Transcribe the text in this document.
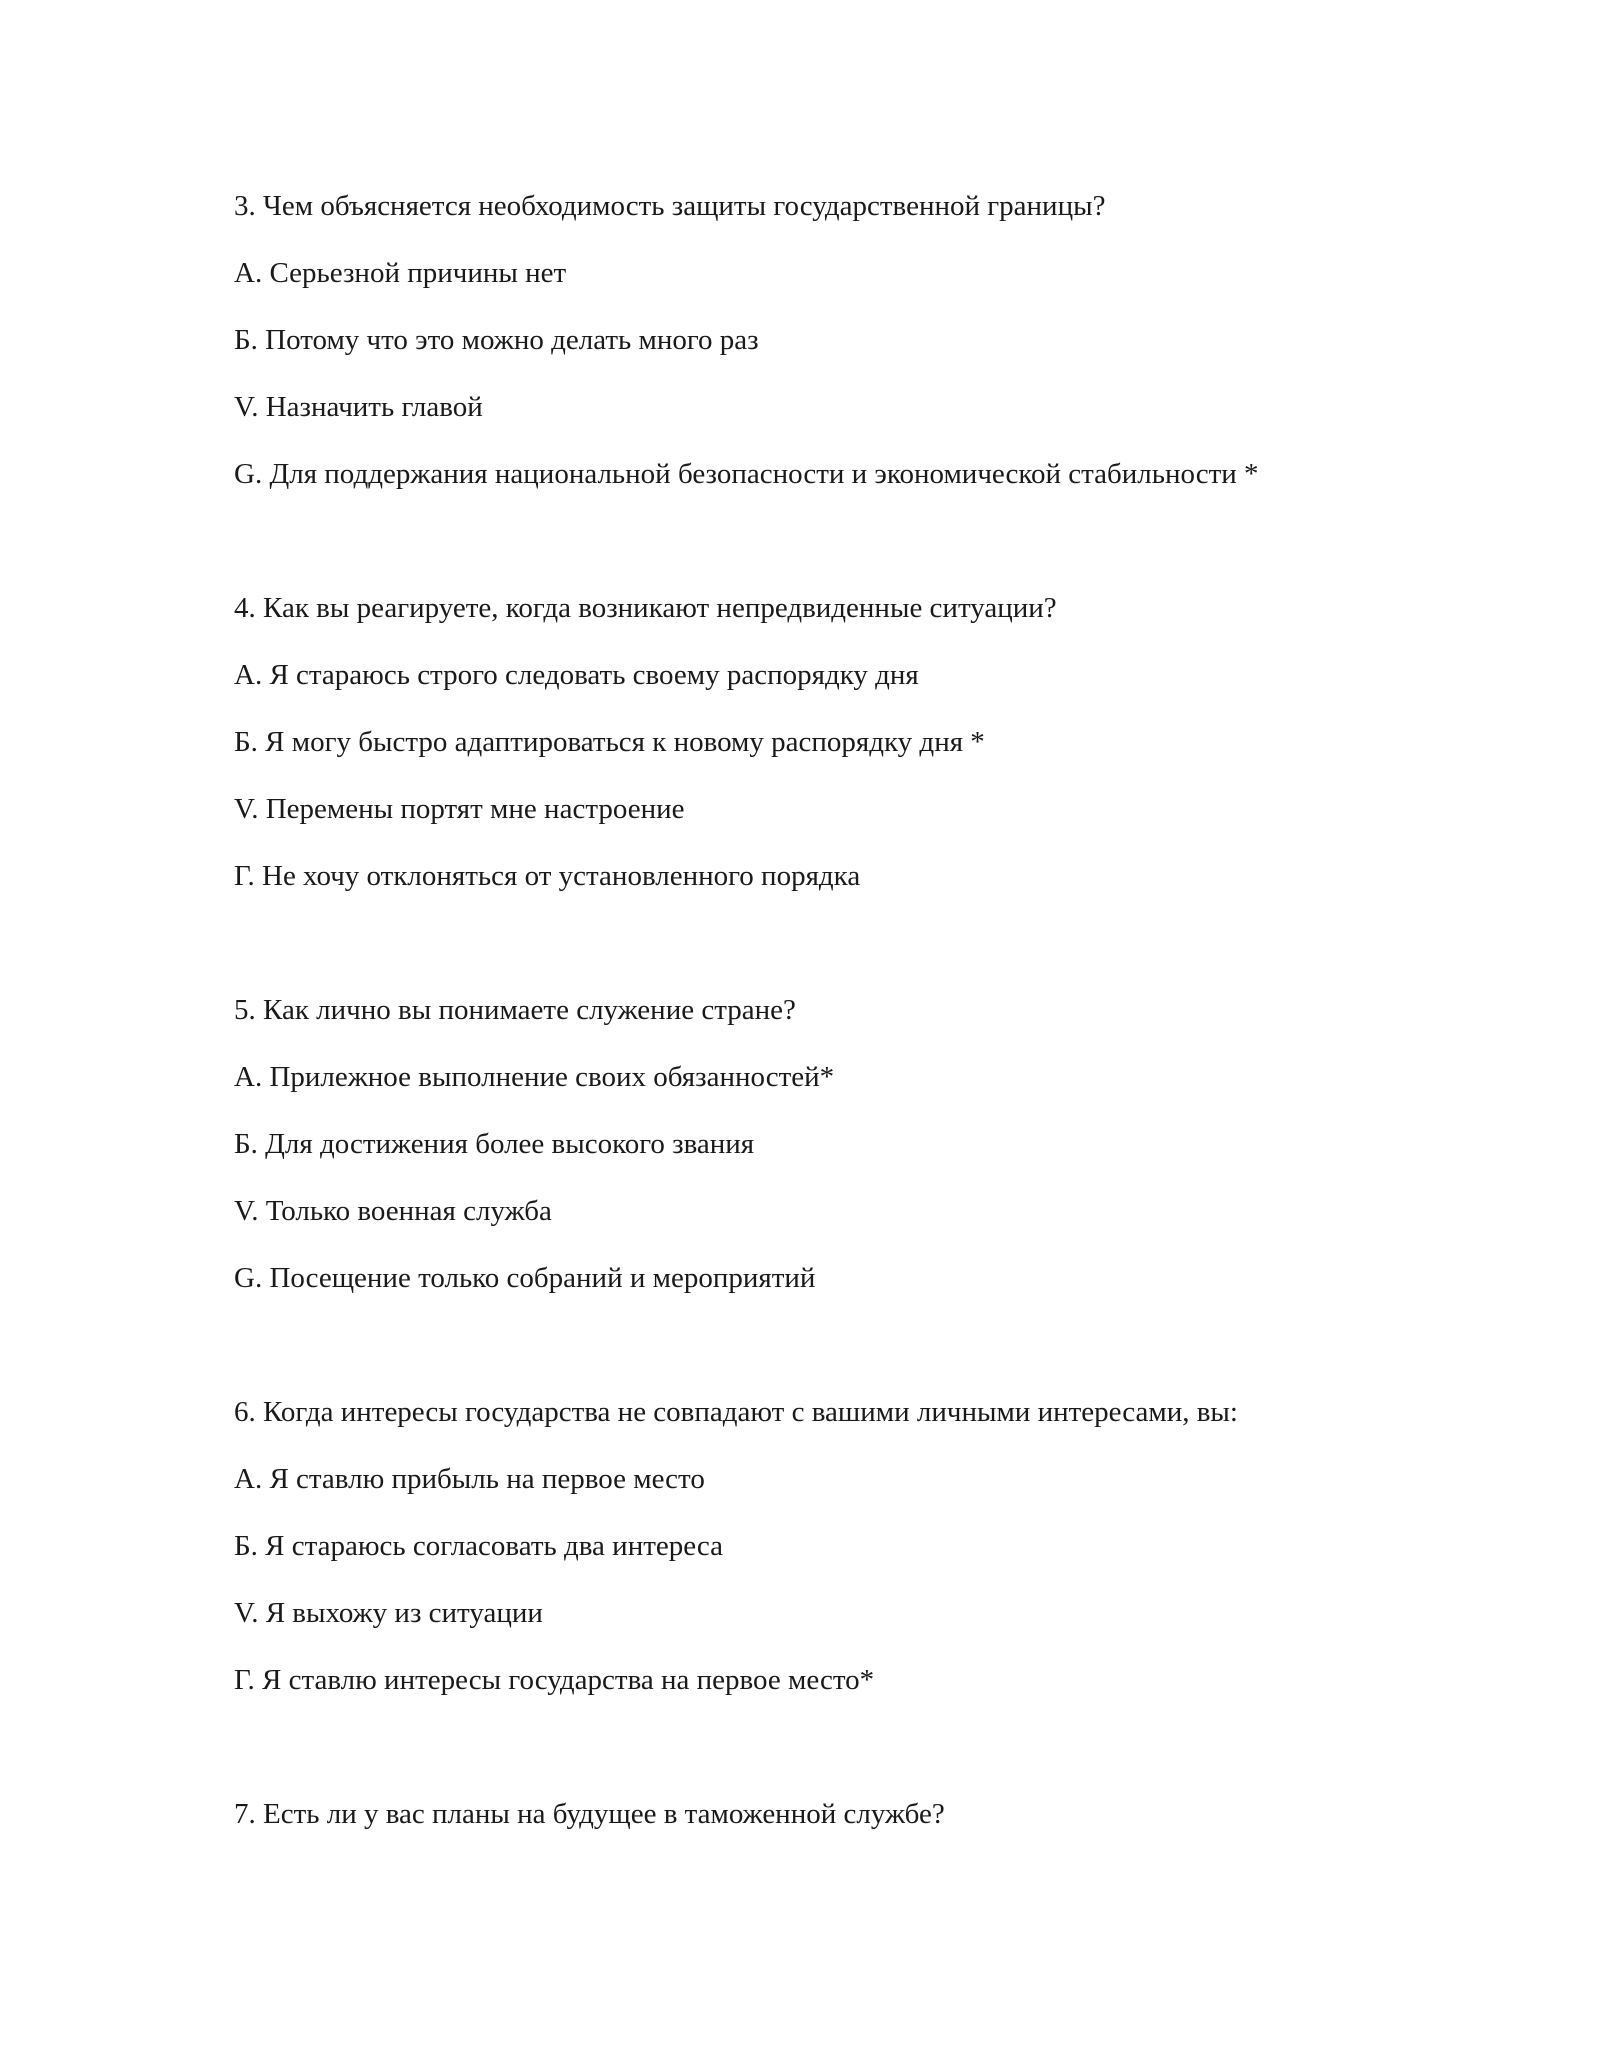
3. Чем объясняется необходимость защиты государственной границы?

A. Серьезной причины нет

Б. Потому что это можно делать много раз

V. Назначить главой

G. Для поддержания национальной безопасности и экономической стабильности *

4. Как вы реагируете, когда возникают непредвиденные ситуации?

A. Я стараюсь строго следовать своему распорядку дня

Б. Я могу быстро адаптироваться к новому распорядку дня *

V. Перемены портят мне настроение

Г. Не хочу отклоняться от установленного порядка

5. Как лично вы понимаете служение стране?

A. Прилежное выполнение своих обязанностей*

Б. Для достижения более высокого звания

V. Только военная служба

G. Посещение только собраний и мероприятий

6. Когда интересы государства не совпадают с вашими личными интересами, вы:

A. Я ставлю прибыль на первое место

Б. Я стараюсь согласовать два интереса

V. Я выхожу из ситуации

Г. Я ставлю интересы государства на первое место*

7. Есть ли у вас планы на будущее в таможенной службе?
